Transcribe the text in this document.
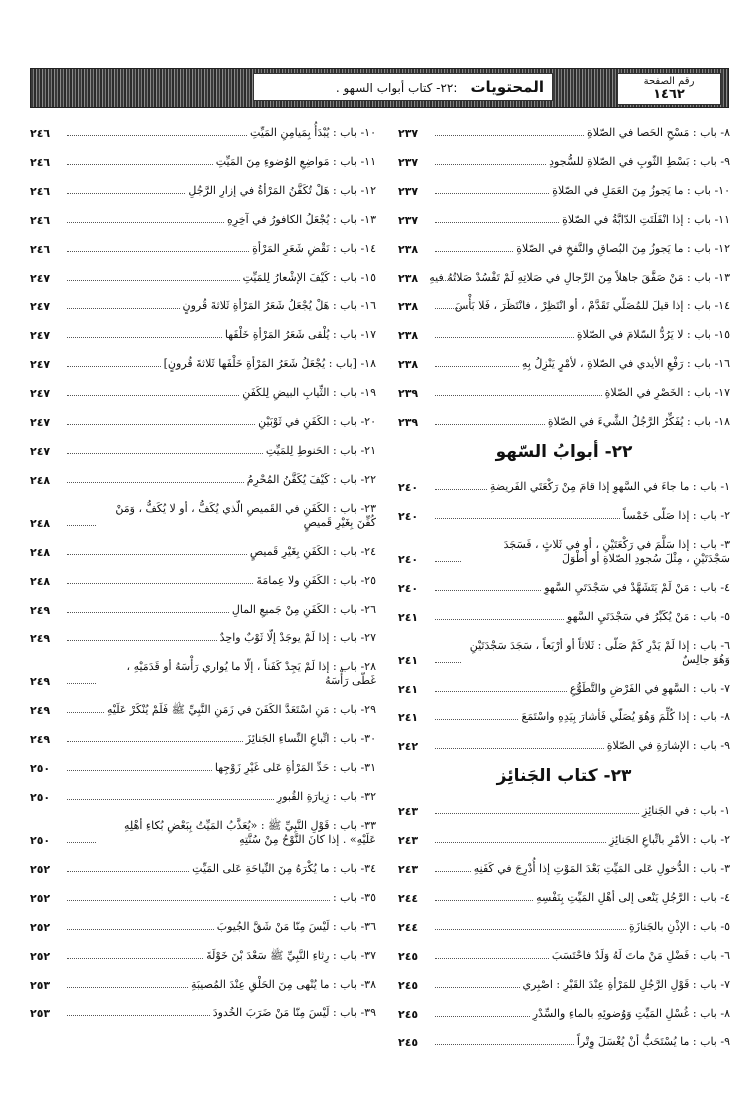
المحتويات :٢٢- كتاب أبواب السهو .	رقم الصفحة
١٤٦٢
٨- باب : مَسْحِ الحَصا في الصّلاةِ
٢٣٧
٩- باب : بَسْطِ الثّوبِ في الصّلاةِ للسُّجودِ
٢٣٧
١٠- باب : ما يَجوزُ مِنَ العَمَلِ في الصّلاةِ
٢٣٧
١١- باب : إذا انْفَلَتَتِ الدّابَّةُ في الصّلاةِ
٢٣٧
١٢- باب : ما يَجوزُ مِنَ البُصاقِ والنَّفخِ في الصّلاةِ
٢٣٨
١٣- باب : مَنْ صَفَّقَ جاهلاً مِنَ الرِّجالِ في صَلاتِهِ لَمْ تَفْسُدْ صَلاتُهُ فيهِ
٢٣٨
١٤- باب : إذا قيلَ للمُصَلّي تَقَدَّمْ ، أو انْتَظِرْ ، فانْتَظَرَ ، فَلا بَأْسَ
٢٣٨
١٥- باب : لا يَرُدُّ السّلامَ في الصّلاةِ
٢٣٨
١٦- باب : رَفْعِ الأيدي في الصّلاةِ ، لأمْرٍ يَنْزِلُ بِهِ
٢٣٨
١٧- باب : الخَصْرِ في الصّلاةِ
٢٣٩
١٨- باب : يُفَكِّرُ الرَّجُلُ الشَّيءَ في الصّلاةِ
٢٣٩
٢٢- أبوابُ السّهو
١- باب : ما جاءَ في السَّهوِ إذا قامَ مِنْ رَكْعَتَي الفَريضةِ
٢٤٠
٢- باب : إذا صَلّى خَمْساً
٢٤٠
٣- باب : إذا سَلَّمَ في رَكْعَتَيْنِ ، أو في ثَلاثٍ ، فَسَجَدَ سَجْدَتَيْنِ ، مِثْلَ سُجودِ الصّلاةِ أو أطْوَلَ
٢٤٠
٤- باب : مَنْ لَمْ يَتَشَهَّدْ في سَجْدَتَيِ السَّهوِ
٢٤٠
٥- باب : مَنْ يُكَبِّرُ في سَجْدَتَيِ السَّهوِ
٢٤١
٦- باب : إذا لَمْ يَدْرِ كَمْ صَلّى : ثَلاثاً أو أرْبَعاً ، سَجَدَ سَجْدَتَيْنِ وَهُوَ جالِسٌ
٢٤١
٧- باب : السَّهوِ في الفَرْضِ والتَّطَوُّعِ
٢٤١
٨- باب : إذا كُلِّمَ وَهُوَ يُصَلّي فَأشارَ بِيَدِهِ واسْتَمَعَ
٢٤١
٩- باب : الإشارَةِ في الصّلاةِ
٢٤٢
٢٣- كتاب الجَنائِز
١- باب : في الجَنائِزِ
٢٤٣
٢- باب : الأمْرِ باتِّباعِ الجَنائِزِ
٢٤٣
٣- باب : الدُّخولِ عَلى المَيِّتِ بَعْدَ المَوْتِ إذا أُدْرِجَ في كَفَنِهِ
٢٤٣
٤- باب : الرَّجُلِ يَنْعى إلى أهْلِ المَيِّتِ بِنَفْسِهِ
٢٤٤
٥- باب : الإذْنِ بالجَنازَةِ
٢٤٤
٦- باب : فَضْلِ مَنْ ماتَ لَهُ وَلَدٌ فاحْتَسَبَ
٢٤٥
٧- باب : قَوْلِ الرَّجُلِ للمَرْأةِ عِنْدَ القَبْرِ : اصْبِري
٢٤٥
٨- باب : غُسْلِ المَيِّتِ وَوُضوئِهِ بالماءِ والسِّدْرِ
٢٤٥
٩- باب : ما يُسْتَحَبُّ أنْ يُغْسَلَ وِتْراً
٢٤٥
١٠- باب : يُبْدَأُ بِمَيامِنِ المَيِّتِ
٢٤٦
١١- باب : مَواضِعِ الوُضوءِ مِنَ المَيِّتِ
٢٤٦
١٢- باب : هَلْ تُكَفَّنُ المَرْأةُ في إزارِ الرَّجُلِ
٢٤٦
١٣- باب : يُجْعَلُ الكافورُ في آخِرِهِ
٢٤٦
١٤- باب : نَقْضِ شَعَرِ المَرْأةِ
٢٤٦
١٥- باب : كَيْفَ الإشْعارُ لِلمَيِّتِ
٢٤٧
١٦- باب : هَلْ يُجْعَلُ شَعَرُ المَرْأةِ ثَلاثةَ قُرونٍ
٢٤٧
١٧- باب : يُلْقى شَعَرُ المَرْأةِ خَلْفَها
٢٤٧
١٨- [باب : يُجْعَلُ شَعَرُ المَرْأةِ خَلْفَها ثَلاثةَ قُرونٍ]
٢٤٧
١٩- باب : الثِّيابِ البيضِ لِلكَفَنِ
٢٤٧
٢٠- باب : الكَفَنِ في ثَوْبَيْنِ
٢٤٧
٢١- باب : الحَنوطِ لِلمَيِّتِ
٢٤٧
٢٢- باب : كَيْفَ يُكَفَّنُ المُحْرِمُ
٢٤٨
٢٣- باب : الكَفَنِ في القَميصِ الّذي يُكَفُّ ، أو لا يُكَفُّ ، وَمَنْ كُفِّنَ بِغَيْرِ قَميصٍ
٢٤٨
٢٤- باب : الكَفَنِ بِغَيْرِ قَميصٍ
٢٤٨
٢٥- باب : الكَفَنِ ولا عِمامَةَ
٢٤٨
٢٦- باب : الكَفَنِ مِنْ جَميعِ المالِ
٢٤٩
٢٧- باب : إذا لَمْ يوجَدْ إلّا ثَوْبٌ واحِدٌ
٢٤٩
٢٨- باب : إذا لَمْ يَجِدْ كَفَناً ، إلّا ما يُواري رَأْسَهُ أو قَدَمَيْهِ ، غَطّى رَأْسَهُ
٢٤٩
٢٩- باب : مَنِ اسْتَعَدَّ الكَفَنَ في زَمَنِ النَّبِيِّ ﷺ فَلَمْ يُنْكَرْ عَلَيْهِ
٢٤٩
٣٠- باب : اتِّباعِ النِّساءِ الجَنائِزَ
٢٤٩
٣١- باب : حَدِّ المَرْأةِ عَلى غَيْرِ زَوْجِها
٢٥٠
٣٢- باب : زِيارَةِ القُبورِ
٢٥٠
٣٣- باب : قَوْلِ النَّبِيِّ ﷺ : «يُعَذَّبُ المَيِّتُ بِبَعْضِ بُكاءِ أهْلِهِ عَلَيْهِ» . إذا كانَ النَّوْحُ مِنْ سُنَّتِهِ
٢٥٠
٣٤- باب : ما يُكْرَهُ مِنَ النِّياحَةِ عَلى المَيِّتِ
٢٥٢
٣٥- باب :
٢٥٢
٣٦- باب : لَيْسَ مِنّا مَنْ شَقَّ الجُيوبَ
٢٥٢
٣٧- باب : رِثاءِ النَّبِيِّ ﷺ سَعْدَ بْنَ خَوْلَةَ
٢٥٢
٣٨- باب : ما يُنْهى مِنَ الحَلْقِ عِنْدَ المُصيبَةِ
٢٥٣
٣٩- باب : لَيْسَ مِنّا مَنْ ضَرَبَ الخُدودَ
٢٥٣
